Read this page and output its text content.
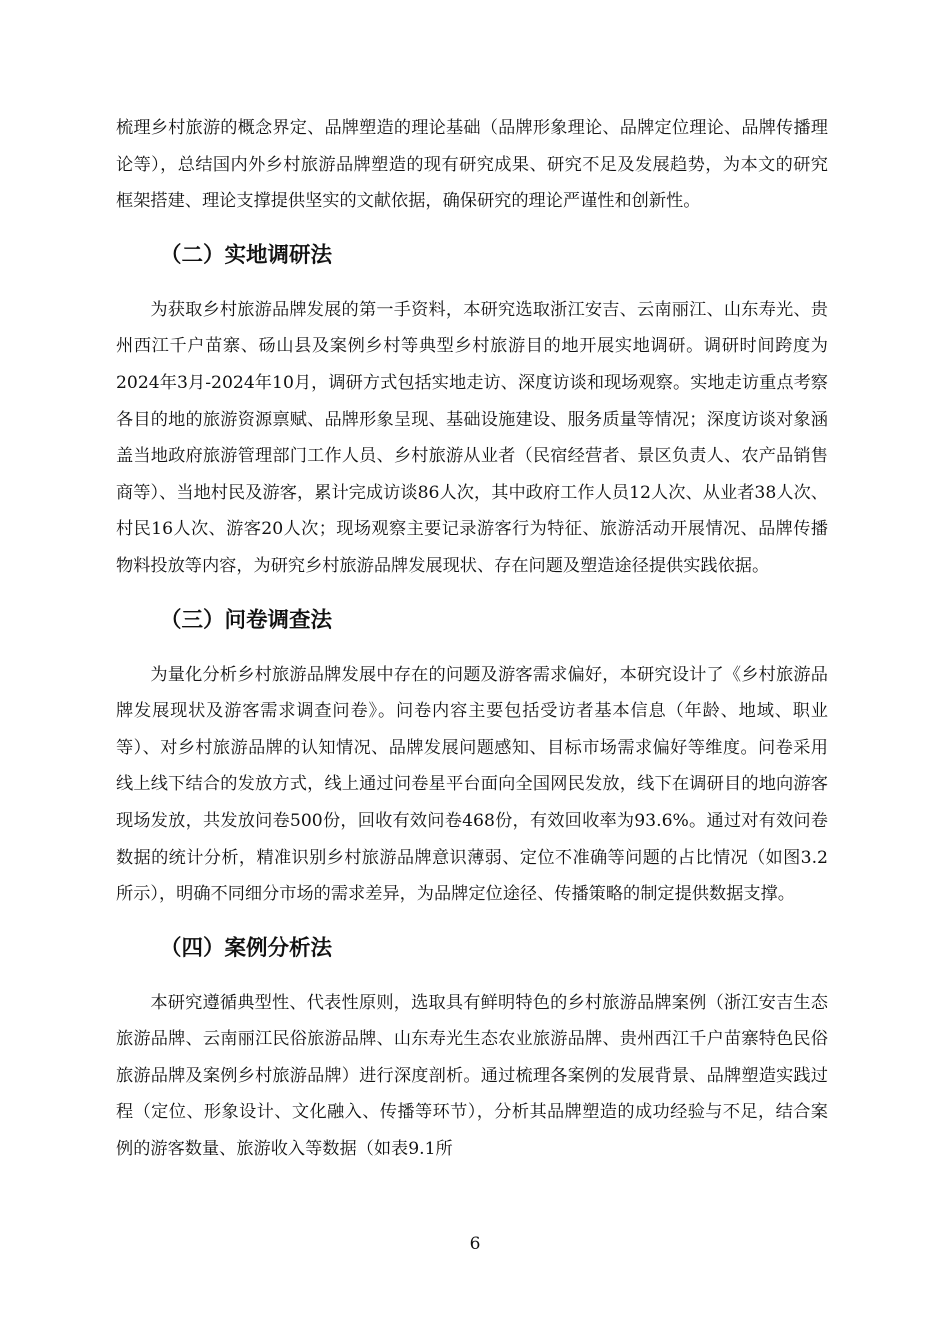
梳理乡村旅游的概念界定、品牌塑造的理论基础（品牌形象理论、品牌定位理论、品牌传播理论等），总结国内外乡村旅游品牌塑造的现有研究成果、研究不足及发展趋势，为本文的研究框架搭建、理论支撑提供坚实的文献依据，确保研究的理论严谨性和创新性。

（二）实地调研法

为获取乡村旅游品牌发展的第一手资料，本研究选取浙江安吉、云南丽江、山东寿光、贵州西江千户苗寨、砀山县及案例乡村等典型乡村旅游目的地开展实地调研。调研时间跨度为2024年3月-2024年10月，调研方式包括实地走访、深度访谈和现场观察。实地走访重点考察各目的地的旅游资源禀赋、品牌形象呈现、基础设施建设、服务质量等情况；深度访谈对象涵盖当地政府旅游管理部门工作人员、乡村旅游从业者（民宿经营者、景区负责人、农产品销售商等）、当地村民及游客，累计完成访谈86人次，其中政府工作人员12人次、从业者38人次、村民16人次、游客20人次；现场观察主要记录游客行为特征、旅游活动开展情况、品牌传播物料投放等内容，为研究乡村旅游品牌发展现状、存在问题及塑造途径提供实践依据。

（三）问卷调查法

为量化分析乡村旅游品牌发展中存在的问题及游客需求偏好，本研究设计了《乡村旅游品牌发展现状及游客需求调查问卷》。问卷内容主要包括受访者基本信息（年龄、地域、职业等）、对乡村旅游品牌的认知情况、品牌发展问题感知、目标市场需求偏好等维度。问卷采用线上线下结合的发放方式，线上通过问卷星平台面向全国网民发放，线下在调研目的地向游客现场发放，共发放问卷500份，回收有效问卷468份，有效回收率为93.6%。通过对有效问卷数据的统计分析，精准识别乡村旅游品牌意识薄弱、定位不准确等问题的占比情况（如图3.2所示），明确不同细分市场的需求差异，为品牌定位途径、传播策略的制定提供数据支撑。

（四）案例分析法

本研究遵循典型性、代表性原则，选取具有鲜明特色的乡村旅游品牌案例（浙江安吉生态旅游品牌、云南丽江民俗旅游品牌、山东寿光生态农业旅游品牌、贵州西江千户苗寨特色民俗旅游品牌及案例乡村旅游品牌）进行深度剖析。通过梳理各案例的发展背景、品牌塑造实践过程（定位、形象设计、文化融入、传播等环节），分析其品牌塑造的成功经验与不足，结合案例的游客数量、旅游收入等数据（如表9.1所

6
